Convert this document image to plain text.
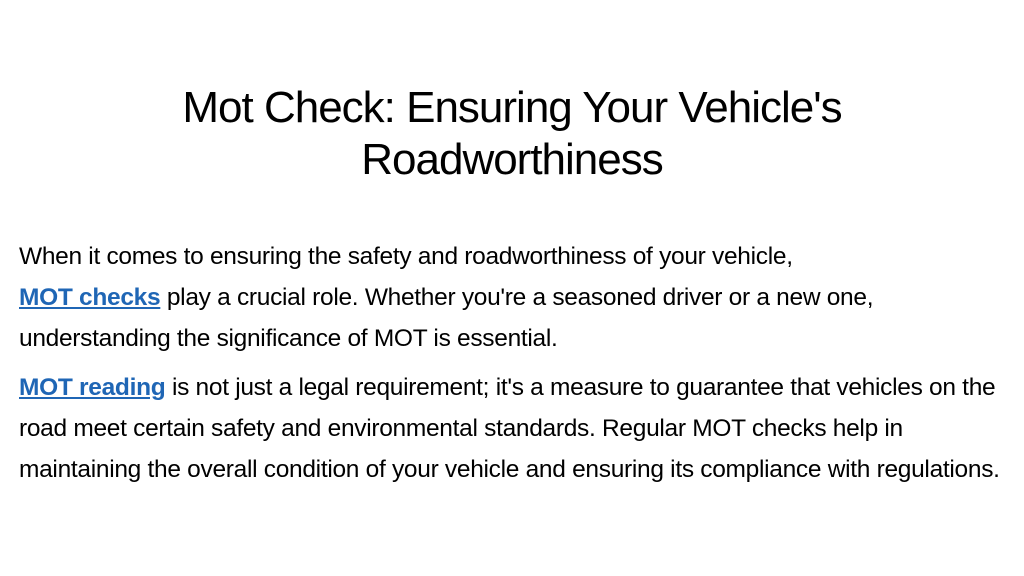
Mot Check: Ensuring Your Vehicle's Roadworthiness

When it comes to ensuring the safety and roadworthiness of your vehicle,
MOT checks play a crucial role. Whether you're a seasoned driver or a new one, understanding the significance of MOT is essential.

MOT reading is not just a legal requirement; it's a measure to guarantee that vehicles on the road meet certain safety and environmental standards. Regular MOT checks help in maintaining the overall condition of your vehicle and ensuring its compliance with regulations.
